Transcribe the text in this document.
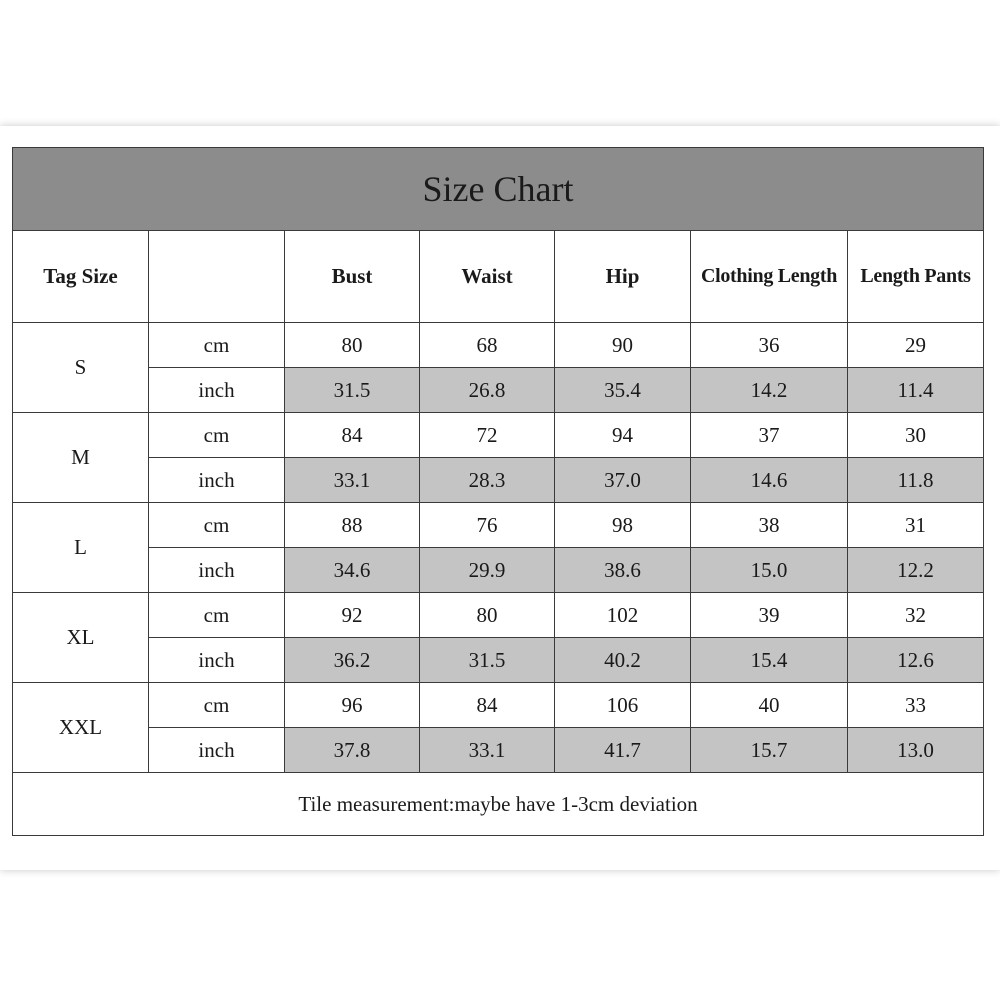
Size Chart						
Tag Size		Bust	Waist	Hip	Clothing Length	Length Pants
S	cm	80	68	90	36	29
	inch	31.5	26.8	35.4	14.2	11.4
M	cm	84	72	94	37	30
	inch	33.1	28.3	37.0	14.6	11.8
L	cm	88	76	98	38	31
	inch	34.6	29.9	38.6	15.0	12.2
XL	cm	92	80	102	39	32
	inch	36.2	31.5	40.2	15.4	12.6
XXL	cm	96	84	106	40	33
	inch	37.8	33.1	41.7	15.7	13.0
Tile measurement:maybe have 1-3cm deviation						
